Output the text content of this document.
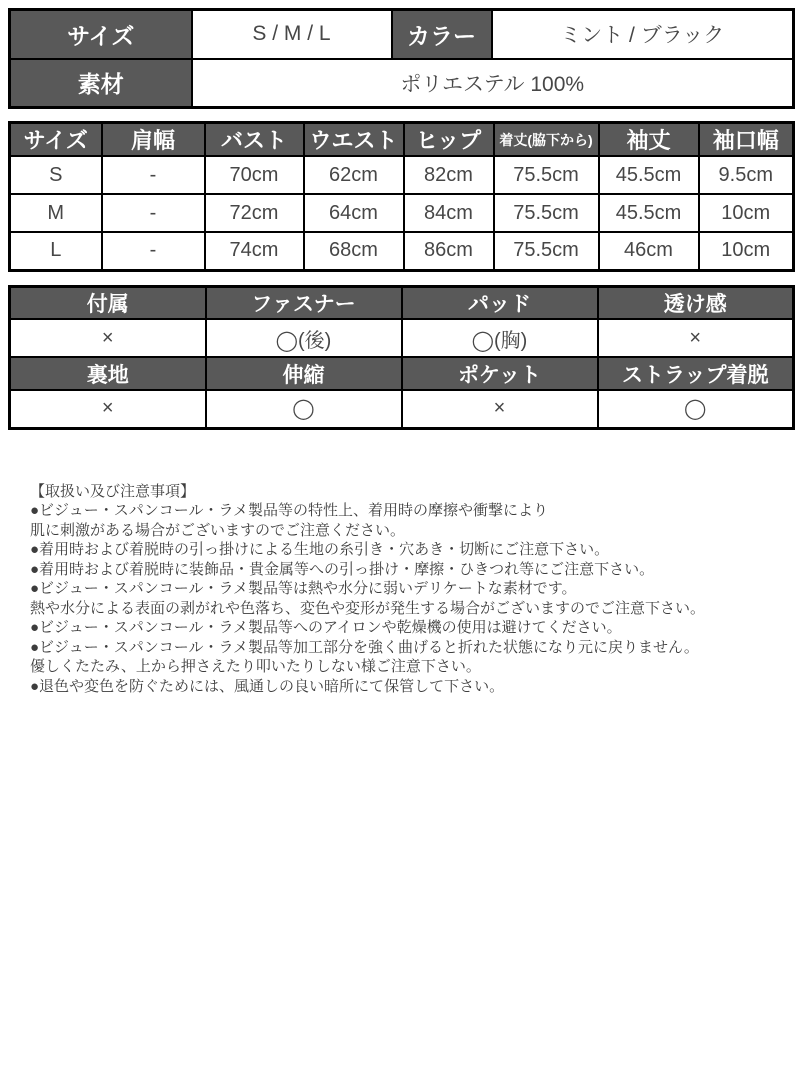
サイズ	S / M / L	カラー	ミント / ブラック
素材	ポリエステル 100%		
サイズ	肩幅	バスト	ウエスト	ヒップ	着丈(脇下から)	袖丈	袖口幅
S	-	70cm	62cm	82cm	75.5cm	45.5cm	9.5cm
M	-	72cm	64cm	84cm	75.5cm	45.5cm	10cm
L	-	74cm	68cm	86cm	75.5cm	46cm	10cm
付属	ファスナー	パッド	透け感
×	◯(後)	◯(胸)	×
裏地	伸縮	ポケット	ストラップ着脱
×	◯	×	◯
【取扱い及び注意事項】
●ビジュー・スパンコール・ラメ製品等の特性上、着用時の摩擦や衝撃により
肌に刺激がある場合がございますのでご注意ください。
●着用時および着脱時の引っ掛けによる生地の糸引き・穴あき・切断にご注意下さい。
●着用時および着脱時に装飾品・貴金属等への引っ掛け・摩擦・ひきつれ等にご注意下さい。
●ビジュー・スパンコール・ラメ製品等は熱や水分に弱いデリケートな素材です。
熱や水分による表面の剥がれや色落ち、変色や変形が発生する場合がございますのでご注意下さい。
●ビジュー・スパンコール・ラメ製品等へのアイロンや乾燥機の使用は避けてください。
●ビジュー・スパンコール・ラメ製品等加工部分を強く曲げると折れた状態になり元に戻りません。
優しくたたみ、上から押さえたり叩いたりしない様ご注意下さい。
●退色や変色を防ぐためには、風通しの良い暗所にて保管して下さい。
